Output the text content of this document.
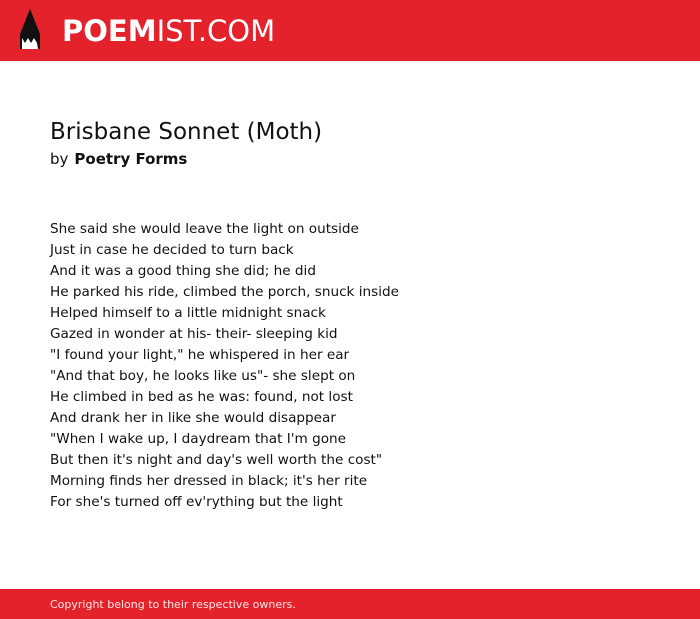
POEMIST.COM
Brisbane Sonnet (Moth)
by Poetry Forms
She said she would leave the light on outside
Just in case he decided to turn back
And it was a good thing she did; he did
He parked his ride, climbed the porch, snuck inside
Helped himself to a little midnight snack
Gazed in wonder at his- their- sleeping kid
"I found your light," he whispered in her ear
"And that boy, he looks like us"- she slept on
He climbed in bed as he was: found, not lost
And drank her in like she would disappear
"When I wake up, I daydream that I'm gone
But then it's night and day's well worth the cost"
Morning finds her dressed in black; it's her rite
For she's turned off ev'rything but the light
Copyright belong to their respective owners.
